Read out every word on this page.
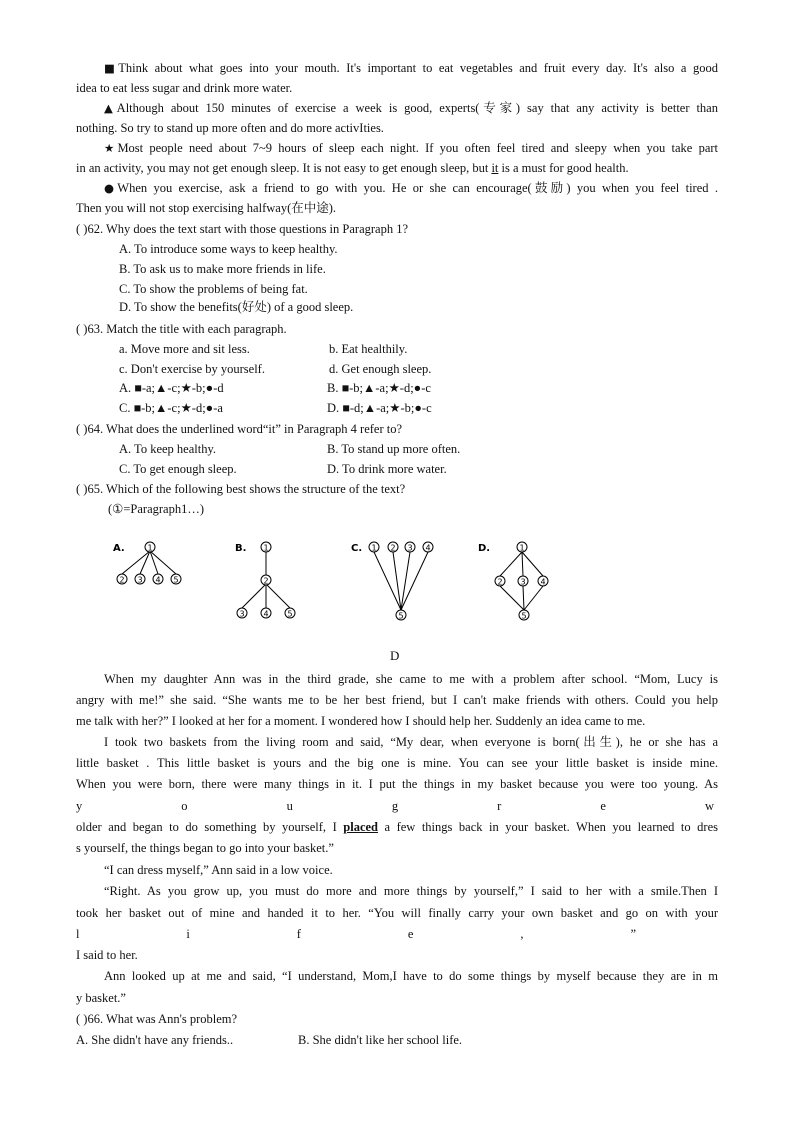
■Think about what goes into your mouth. It's important to eat vegetables and fruit every day. It's also a good
idea to eat less sugar and drink more water.
▲Although about 150 minutes of exercise a week is good, experts(专家) say that any activity is better than
nothing. So try to stand up more often and do more activIties.
★Most people need about 7~9 hours of sleep each night. If you often feel tired and sleepy when you take part
in an activity, you may not get enough sleep. It is not easy to get enough sleep, but it is a must for good health.
●When you exercise, ask a friend to go with you. He or she can encourage(鼓励) you when you feel tired .
Then you will not stop exercising halfway(在中途).
( )62. Why does the text start with those questions in Paragraph 1?
A. To introduce some ways to keep healthy.
B. To ask us to make more friends in life.
C. To show the problems of being fat.
D. To show the benefits(好处) of a good sleep.
( )63. Match the title with each paragraph.
a. Move more and sit less.	b. Eat healthily.
c. Don't exercise by yourself.	d. Get enough sleep.
A. ■-a;▲-c;★-b;●-d	B. ■-b;▲-a;★-d;●-c
C. ■-b;▲-c;★-d;●-a	D. ■-d;▲-a;★-b;●-c
( )64. What does the underlined word“it” in Paragraph 4 refer to?
A. To keep healthy.	B. To stand up more often.
C. To get enough sleep.	D. To drink more water.
( )65. Which of the following best shows the structure of the text?
(①=Paragraph1…)
A.	1
2 3 4 5
B. 1
2
3 4 5
C. 1 2 3 4
5
D.	1
2 3 4
5
D
When my daughter Ann was in the third grade, she came to me with a problem after school. “Mom, Lucy is
angry with me!” she said. “She wants me to be her best friend, but I can't make friends with others. Could you help
me talk with her?” I looked at her for a moment. I wondered how I should help her. Suddenly an idea came to me.
I took two baskets from the living room and said, “My dear, when everyone is born(出生), he or she has a
little basket . This little basket is yours and the big one is mine. You can see your little basket is inside mine.
When you were born, there were many things in it. I put the things in my basket because you were too young. As
y o u g r e w
older and began to do something by yourself, I placed a few things back in your basket. When you learned to dres
s yourself, the things began to go into your basket.”
“I can dress myself,” Ann said in a low voice.
“Right. As you grow up, you must do more and more things by yourself,” I said to her with a smile.Then I
took her basket out of mine and handed it to her. “You will finally carry your own basket and go on with your
l i f e , ”
I said to her.
Ann looked up at me and said, “I understand, Mom,I have to do some things by myself because they are in m
y basket.”
( )66. What was Ann's problem?
A. She didn't have any friends..	B. She didn't like her school life.
